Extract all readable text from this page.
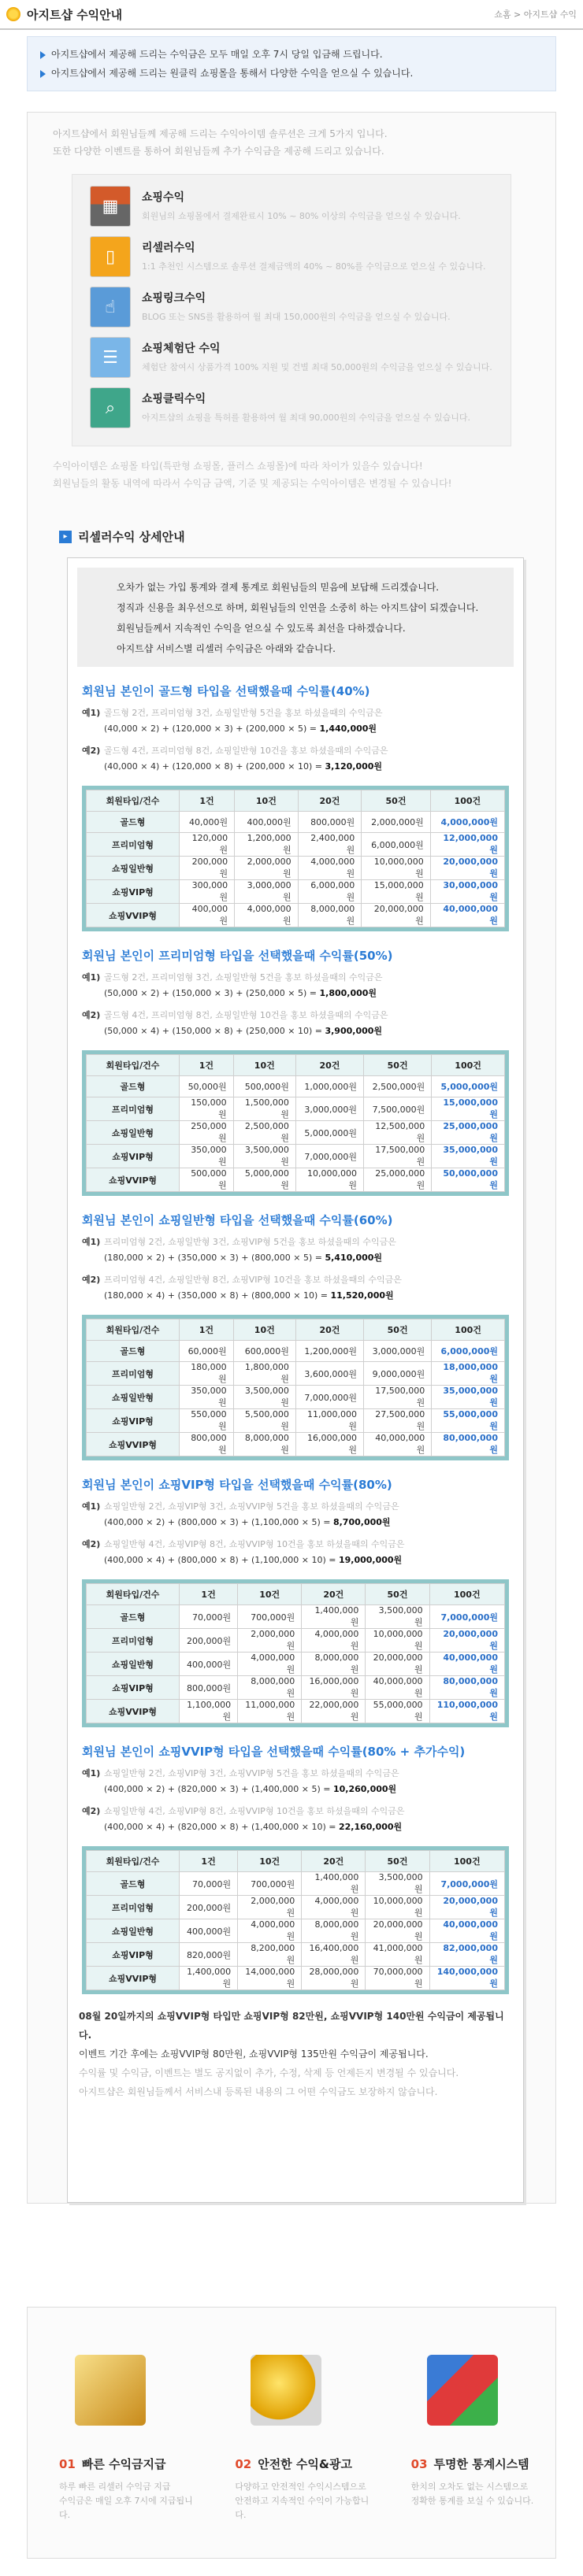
아지트샵 수익안내	쇼홈 > 아지트샵 수익
아지트샵에서 제공해 드리는 수익금은 모두 매일 오후 7시 당일 입금해 드립니다.
아지트샵에서 제공해 드리는 원클릭 쇼핑몰을 통해서 다양한 수익을 얻으실 수 있습니다.
아지트샵에서 회원님들께 제공해 드리는 수익아이템 솔루션은 크게 5가지 입니다.
또한 다양한 이벤트를 통하여 회원님들께 추가 수익금을 제공해 드리고 있습니다.
▦	쇼핑수익
회원님의 쇼핑몰에서 결제완료시 10% ~ 80% 이상의 수익금을 얻으실 수 있습니다.
▯	리셀러수익
1:1 추천인 시스템으로 솔루션 결제금액의 40% ~ 80%를 수익금으로 얻으실 수 있습니다.
☝	쇼핑링크수익
BLOG 또는 SNS를 활용하여 월 최대 150,000원의 수익금을 얻으실 수 있습니다.
☰	쇼핑체험단 수익
체험단 참여시 상품가격 100% 지원 및 건별 최대 50,000원의 수익금을 얻으실 수 있습니다.
⌕	쇼핑클릭수익
아지트샵의 쇼핑을 특허를 활용하여 월 최대 90,000원의 수익금을 얻으실 수 있습니다.
수익아이템은 쇼핑몰 타입(특판형 쇼핑몰, 플러스 쇼핑몰)에 따라 차이가 있을수 있습니다!
회원님들의 활동 내역에 따라서 수익금 금액, 기준 및 제공되는 수익아이템은 변경될 수 있습니다!
▸ 리셀러수익 상세안내
오차가 없는 가입 통계와 결제 통계로 회원님들의 믿음에 보답해 드리겠습니다.
정직과 신용을 최우선으로 하며, 회원님들의 인연을 소중히 하는 아지트샵이 되겠습니다.
회원님들께서 지속적인 수익을 얻으실 수 있도록 최선을 다하겠습니다.
아지트샵 서비스별 리셀러 수익금은 아래와 같습니다.
회원님 본인이 골드형 타입을 선택했을때 수익률(40%)
예1) 골드형 2건, 프리미엄형 3건, 쇼핑일반형 5건을 홍보 하셨을때의 수익금은

(40,000 × 2) + (120,000 × 3) + (200,000 × 5) = 1,440,000원

예2) 골드형 4건, 프리미엄형 8건, 쇼핑일반형 10건을 홍보 하셨을때의 수익금은

(40,000 × 4) + (120,000 × 8) + (200,000 × 10) = 3,120,000원

회원타입/건수	1건	10건	20건	50건	100건
골드형	40,000원	400,000원	800,000원	2,000,000원	4,000,000원
프리미엄형	120,000원	1,200,000원	2,400,000원	6,000,000원	12,000,000원
쇼핑일반형	200,000원	2,000,000원	4,000,000원	10,000,000원	20,000,000원
쇼핑VIP형	300,000원	3,000,000원	6,000,000원	15,000,000원	30,000,000원
쇼핑VVIP형	400,000원	4,000,000원	8,000,000원	20,000,000원	40,000,000원
회원님 본인이 프리미엄형 타입을 선택했을때 수익률(50%)
예1) 골드형 2건, 프리미엄형 3건, 쇼핑일반형 5건을 홍보 하셨을때의 수익금은

(50,000 × 2) + (150,000 × 3) + (250,000 × 5) = 1,800,000원

예2) 골드형 4건, 프리미엄형 8건, 쇼핑일반형 10건을 홍보 하셨을때의 수익금은

(50,000 × 4) + (150,000 × 8) + (250,000 × 10) = 3,900,000원

회원타입/건수	1건	10건	20건	50건	100건
골드형	50,000원	500,000원	1,000,000원	2,500,000원	5,000,000원
프리미엄형	150,000원	1,500,000원	3,000,000원	7,500,000원	15,000,000원
쇼핑일반형	250,000원	2,500,000원	5,000,000원	12,500,000원	25,000,000원
쇼핑VIP형	350,000원	3,500,000원	7,000,000원	17,500,000원	35,000,000원
쇼핑VVIP형	500,000원	5,000,000원	10,000,000원	25,000,000원	50,000,000원
회원님 본인이 쇼핑일반형 타입을 선택했을때 수익률(60%)
예1) 프리미엄형 2건, 쇼핑일반형 3건, 쇼핑VIP형 5건을 홍보 하셨을때의 수익금은

(180,000 × 2) + (350,000 × 3) + (800,000 × 5) = 5,410,000원

예2) 프리미엄형 4건, 쇼핑일반형 8건, 쇼핑VIP형 10건을 홍보 하셨을때의 수익금은

(180,000 × 4) + (350,000 × 8) + (800,000 × 10) = 11,520,000원

회원타입/건수	1건	10건	20건	50건	100건
골드형	60,000원	600,000원	1,200,000원	3,000,000원	6,000,000원
프리미엄형	180,000원	1,800,000원	3,600,000원	9,000,000원	18,000,000원
쇼핑일반형	350,000원	3,500,000원	7,000,000원	17,500,000원	35,000,000원
쇼핑VIP형	550,000원	5,500,000원	11,000,000원	27,500,000원	55,000,000원
쇼핑VVIP형	800,000원	8,000,000원	16,000,000원	40,000,000원	80,000,000원
회원님 본인이 쇼핑VIP형 타입을 선택했을때 수익률(80%)
예1) 쇼핑일반형 2건, 쇼핑VIP형 3건, 쇼핑VVIP형 5건을 홍보 하셨을때의 수익금은

(400,000 × 2) + (800,000 × 3) + (1,100,000 × 5) = 8,700,000원

예2) 쇼핑일반형 4건, 쇼핑VIP형 8건, 쇼핑VVIP형 10건을 홍보 하셨을때의 수익금은

(400,000 × 4) + (800,000 × 8) + (1,100,000 × 10) = 19,000,000원

회원타입/건수	1건	10건	20건	50건	100건
골드형	70,000원	700,000원	1,400,000원	3,500,000원	7,000,000원
프리미엄형	200,000원	2,000,000원	4,000,000원	10,000,000원	20,000,000원
쇼핑일반형	400,000원	4,000,000원	8,000,000원	20,000,000원	40,000,000원
쇼핑VIP형	800,000원	8,000,000원	16,000,000원	40,000,000원	80,000,000원
쇼핑VVIP형	1,100,000원	11,000,000원	22,000,000원	55,000,000원	110,000,000원
회원님 본인이 쇼핑VVIP형 타입을 선택했을때 수익률(80% + 추가수익)
예1) 쇼핑일반형 2건, 쇼핑VIP형 3건, 쇼핑VVIP형 5건을 홍보 하셨을때의 수익금은

(400,000 × 2) + (820,000 × 3) + (1,400,000 × 5) = 10,260,000원

예2) 쇼핑일반형 4건, 쇼핑VIP형 8건, 쇼핑VVIP형 10건을 홍보 하셨을때의 수익금은

(400,000 × 4) + (820,000 × 8) + (1,400,000 × 10) = 22,160,000원

회원타입/건수	1건	10건	20건	50건	100건
골드형	70,000원	700,000원	1,400,000원	3,500,000원	7,000,000원
프리미엄형	200,000원	2,000,000원	4,000,000원	10,000,000원	20,000,000원
쇼핑일반형	400,000원	4,000,000원	8,000,000원	20,000,000원	40,000,000원
쇼핑VIP형	820,000원	8,200,000원	16,400,000원	41,000,000원	82,000,000원
쇼핑VVIP형	1,400,000원	14,000,000원	28,000,000원	70,000,000원	140,000,000원
08월 20일까지의 쇼핑VVIP형 타입만 쇼핑VIP형 82만원, 쇼핑VVIP형 140만원 수익금이 제공됩니다.
이벤트 기간 후에는 쇼핑VVIP형 80만원, 쇼핑VVIP형 135만원 수익금이 제공됩니다.
수익률 및 수익금, 이벤트는 별도 공지없이 추가, 수정, 삭제 등 언제든지 변경될 수 있습니다.
아지트샵은 회원님들께서 서비스내 등록된 내용의 그 어떤 수익금도 보장하지 않습니다.
01 빠른 수익금지급
하루 빠른 리셀러 수익금 지급
수익금은 매일 오후 7시에 지급됩니다.
02 안전한 수익&광고
다양하고 안전적인 수익시스템으로
안전하고 지속적인 수익이 가능합니다.
03 투명한 통계시스템
한치의 오차도 없는 시스템으로
정확한 통계를 보실 수 있습니다.
